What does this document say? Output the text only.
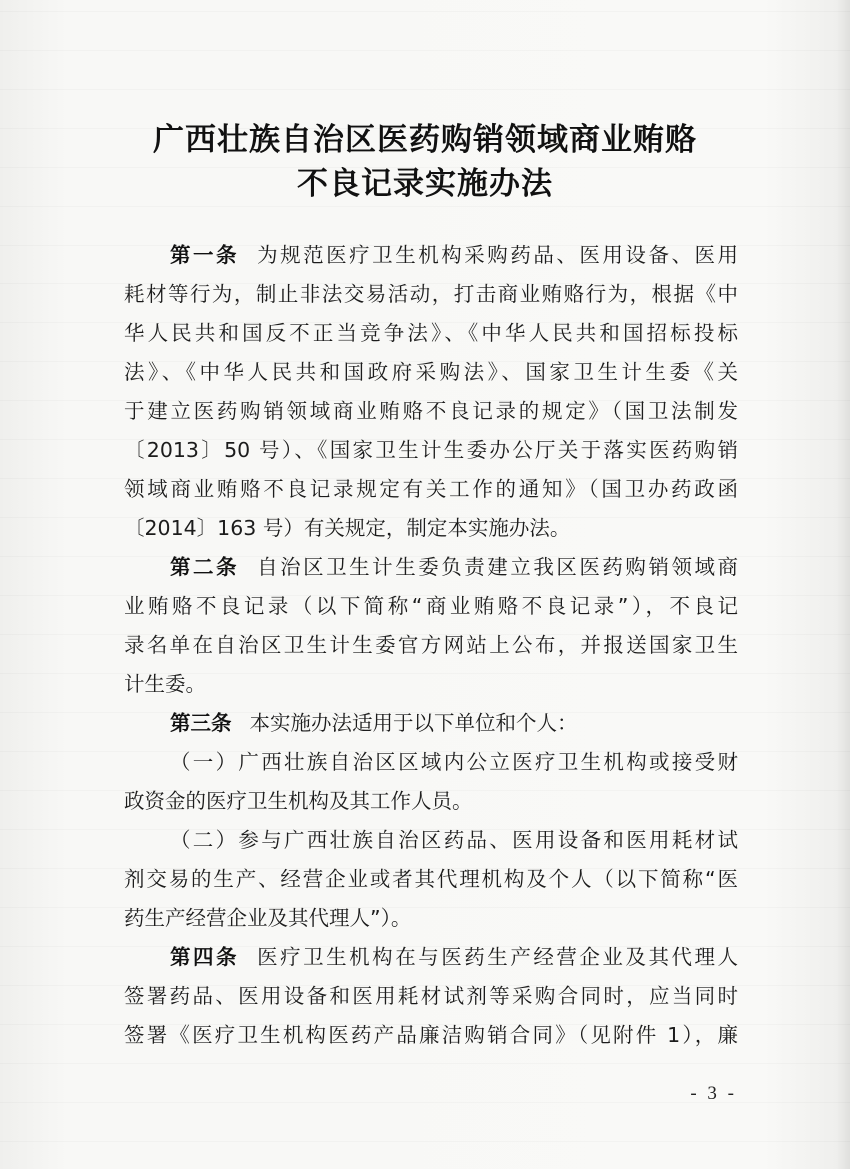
广西壮族自治区医药购销领域商业贿赂
不良记录实施办法
第一条 为规范医疗卫生机构采购药品、医用设备、医用
耗材等行为，制止非法交易活动，打击商业贿赂行为，根据《中
华人民共和国反不正当竞争法》、《中华人民共和国招标投标
法》、《中华人民共和国政府采购法》、国家卫生计生委《关
于建立医药购销领域商业贿赂不良记录的规定》（国卫法制发
〔2013〕50 号）、《国家卫生计生委办公厅关于落实医药购销
领域商业贿赂不良记录规定有关工作的通知》（国卫办药政函
〔2014〕163 号）有关规定，制定本实施办法。
第二条 自治区卫生计生委负责建立我区医药购销领域商
业贿赂不良记录（以下简称“商业贿赂不良记录”），不良记
录名单在自治区卫生计生委官方网站上公布，并报送国家卫生
计生委。
第三条 本实施办法适用于以下单位和个人：
（一）广西壮族自治区区域内公立医疗卫生机构或接受财
政资金的医疗卫生机构及其工作人员。
（二）参与广西壮族自治区药品、医用设备和医用耗材试
剂交易的生产、经营企业或者其代理机构及个人（以下简称“医
药生产经营企业及其代理人”）。
第四条 医疗卫生机构在与医药生产经营企业及其代理人
签署药品、医用设备和医用耗材试剂等采购合同时，应当同时
签署《医疗卫生机构医药产品廉洁购销合同》（见附件 1），廉
- 3 -
